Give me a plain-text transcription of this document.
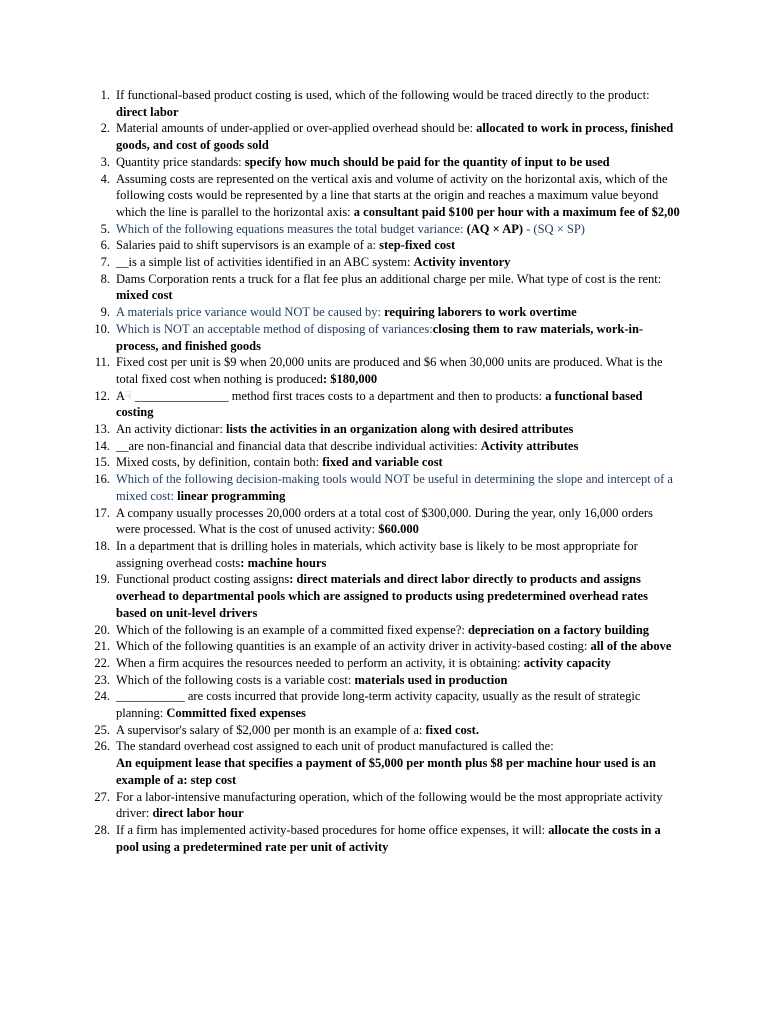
1. If functional-based product costing is used, which of the following would be traced directly to the product: direct labor
2. Material amounts of under-applied or over-applied overhead should be: allocated to work in process, finished goods, and cost of goods sold
3. Quantity price standards: specify how much should be paid for the quantity of input to be used
4. Assuming costs are represented on the vertical axis and volume of activity on the horizontal axis, which of the following costs would be represented by a line that starts at the origin and reaches a maximum value beyond which the line is parallel to the horizontal axis: a consultant paid $100 per hour with a maximum fee of $2,00
5. Which of the following equations measures the total budget variance: (AQ × AP) - (SQ × SP)
6. Salaries paid to shift supervisors is an example of a: step-fixed cost
7. __is a simple list of activities identified in an ABC system: Activity inventory
8. Dams Corporation rents a truck for a flat fee plus an additional charge per mile. What type of cost is the rent: mixed cost
9. A materials price variance would NOT be caused by: requiring laborers to work overtime
10. Which is NOT an acceptable method of disposing of variances:closing them to raw materials, work-in-process, and finished goods
11. Fixed cost per unit is $9 when 20,000 units are produced and $6 when 30,000 units are produced. What is the total fixed cost when nothing is produced: $180,000
12. A☟ _______________ method first traces costs to a department and then to products: a functional based costing
13. An activity dictionar: lists the activities in an organization along with desired attributes
14. __are non-financial and financial data that describe individual activities: Activity attributes
15. Mixed costs, by definition, contain both: fixed and variable cost
16. Which of the following decision-making tools would NOT be useful in determining the slope and intercept of a mixed cost: linear programming
17. A company usually processes 20,000 orders at a total cost of $300,000. During the year, only 16,000 orders were processed. What is the cost of unused activity: $60.000
18. In a department that is drilling holes in materials, which activity base is likely to be most appropriate for assigning overhead costs: machine hours
19. Functional product costing assigns: direct materials and direct labor directly to products and assigns overhead to departmental pools which are assigned to products using predetermined overhead rates based on unit-level drivers
20. Which of the following is an example of a committed fixed expense?: depreciation on a factory building
21. Which of the following quantities is an example of an activity driver in activity-based costing: all of the above
22. When a firm acquires the resources needed to perform an activity, it is obtaining: activity capacity
23. Which of the following costs is a variable cost: materials used in production
24. ___________ are costs incurred that provide long-term activity capacity, usually as the result of strategic planning: Committed fixed expenses
25. A supervisor's salary of $2,000 per month is an example of a: fixed cost.
26. The standard overhead cost assigned to each unit of product manufactured is called the:
An equipment lease that specifies a payment of $5,000 per month plus $8 per machine hour used is an example of a: step cost
27. For a labor-intensive manufacturing operation, which of the following would be the most appropriate activity driver: direct labor hour
28. If a firm has implemented activity-based procedures for home office expenses, it will: allocate the costs in a pool using a predetermined rate per unit of activity
